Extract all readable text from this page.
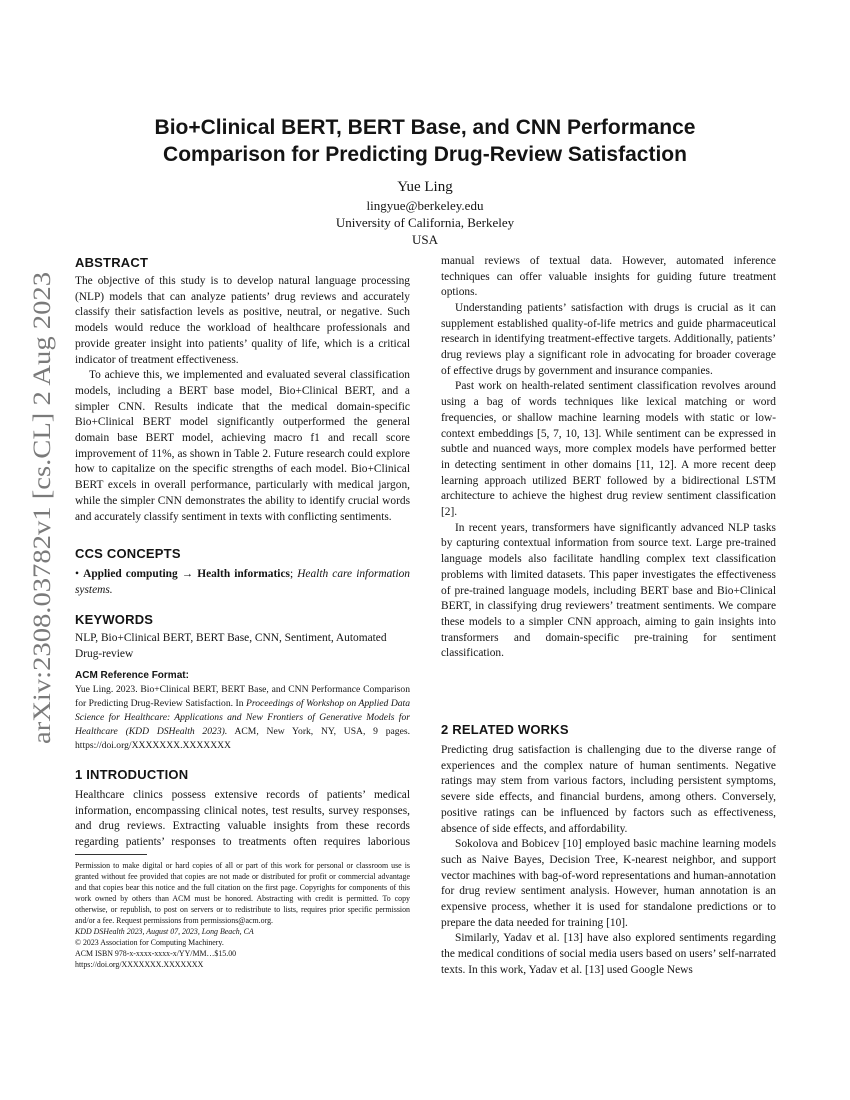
arXiv:2308.03782v1 [cs.CL] 2 Aug 2023
Bio+Clinical BERT, BERT Base, and CNN Performance
Comparison for Predicting Drug-Review Satisfaction
Yue Ling
lingyue@berkeley.edu
University of California, Berkeley
USA
ABSTRACT

The objective of this study is to develop natural language processing (NLP) models that can analyze patients’ drug reviews and accurately classify their satisfaction levels as positive, neutral, or negative. Such models would reduce the workload of healthcare professionals and provide greater insight into patients’ quality of life, which is a critical indicator of treatment effectiveness.

To achieve this, we implemented and evaluated several classification models, including a BERT base model, Bio+Clinical BERT, and a simpler CNN. Results indicate that the medical domain-specific Bio+Clinical BERT model significantly outperformed the general domain base BERT model, achieving macro f1 and recall score improvement of 11%, as shown in Table 2. Future research could explore how to capitalize on the specific strengths of each model. Bio+Clinical BERT excels in overall performance, particularly with medical jargon, while the simpler CNN demonstrates the ability to identify crucial words and accurately classify sentiment in texts with conflicting sentiments.

CCS CONCEPTS

• Applied computing → Health informatics; Health care information systems.

KEYWORDS

NLP, Bio+Clinical BERT, BERT Base, CNN, Sentiment, Automated Drug-review

ACM Reference Format:

Yue Ling. 2023. Bio+Clinical BERT, BERT Base, and CNN Performance Comparison for Predicting Drug-Review Satisfaction. In Proceedings of Workshop on Applied Data Science for Healthcare: Applications and New Frontiers of Generative Models for Healthcare (KDD DSHealth 2023). ACM, New York, NY, USA, 9 pages. https://doi.org/XXXXXXX.XXXXXXX

1 INTRODUCTION

Healthcare clinics possess extensive records of patients’ medical information, encompassing clinical notes, test results, survey responses, and drug reviews. Extracting valuable insights from these records regarding patients’ responses to treatments often requires laborious

Permission to make digital or hard copies of all or part of this work for personal or classroom use is granted without fee provided that copies are not made or distributed for profit or commercial advantage and that copies bear this notice and the full citation on the first page. Copyrights for components of this work owned by others than ACM must be honored. Abstracting with credit is permitted. To copy otherwise, or republish, to post on servers or to redistribute to lists, requires prior specific permission and/or a fee. Request permissions from permissions@acm.org.

KDD DSHealth 2023, August 07, 2023, Long Beach, CA

© 2023 Association for Computing Machinery.

ACM ISBN 978-x-xxxx-xxxx-x/YY/MM…$15.00

https://doi.org/XXXXXXX.XXXXXXX

manual reviews of textual data. However, automated inference techniques can offer valuable insights for guiding future treatment options.

Understanding patients’ satisfaction with drugs is crucial as it can supplement established quality-of-life metrics and guide pharmaceutical research in identifying treatment-effective targets. Additionally, patients’ drug reviews play a significant role in advocating for broader coverage of effective drugs by government and insurance companies.

Past work on health-related sentiment classification revolves around using a bag of words techniques like lexical matching or word frequencies, or shallow machine learning models with static or low-context embeddings [5, 7, 10, 13]. While sentiment can be expressed in subtle and nuanced ways, more complex models have performed better in detecting sentiment in other domains [11, 12]. A more recent deep learning approach utilized BERT followed by a bidirectional LSTM architecture to achieve the highest drug review sentiment classification [2].

In recent years, transformers have significantly advanced NLP tasks by capturing contextual information from source text. Large pre-trained language models also facilitate handling complex text classification problems with limited datasets. This paper investigates the effectiveness of pre-trained language models, including BERT base and Bio+Clinical BERT, in classifying drug reviewers’ treatment sentiments. We compare these models to a simpler CNN approach, aiming to gain insights into transformers and domain-specific pre-training for sentiment classification.

2 RELATED WORKS

Predicting drug satisfaction is challenging due to the diverse range of experiences and the complex nature of human sentiments. Negative ratings may stem from various factors, including persistent symptoms, severe side effects, and financial burdens, among others. Conversely, positive ratings can be influenced by factors such as effectiveness, absence of side effects, and affordability.

Sokolova and Bobicev [10] employed basic machine learning models such as Naive Bayes, Decision Tree, K-nearest neighbor, and support vector machines with bag-of-word representations and human-annotation for drug review sentiment analysis. However, human annotation is an expensive process, whether it is used for standalone predictions or to prepare the data needed for training [10].

Similarly, Yadav et al. [13] have also explored sentiments regarding the medical conditions of social media users based on users’ self-narrated texts. In this work, Yadav et al. [13] used Google News
